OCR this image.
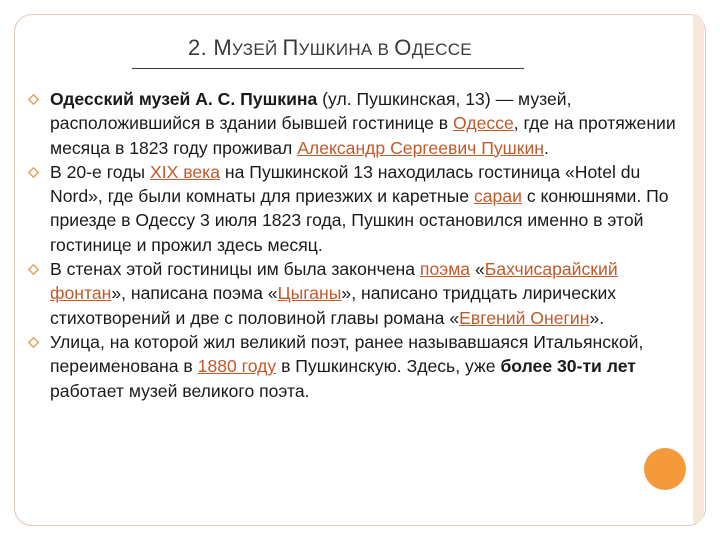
2. МУЗЕЙ ПУШКИНА В ОДЕССЕ
Одесский музей А. С. Пушкина (ул. Пушкинская, 13) — музей, расположившийся в здании бывшей гостинице в Одессе, где на протяжении месяца в 1823 году проживал Александр Сергеевич Пушкин.
В 20-е годы XIX века на Пушкинской 13 находилась гостиница «Hotel du Nord», где были комнаты для приезжих и каретные сараи с конюшнями. По приезде в Одессу 3 июля 1823 года, Пушкин остановился именно в этой гостинице и прожил здесь месяц.
В стенах этой гостиницы им была закончена поэма «Бахчисарайский фонтан», написана поэма «Цыганы», написано тридцать лирических стихотворений и две с половиной главы романа «Евгений Онегин».
Улица, на которой жил великий поэт, ранее называвшаяся Итальянской, переименована в 1880 году в Пушкинскую. Здесь, уже более 30-ти лет работает музей великого поэта.
